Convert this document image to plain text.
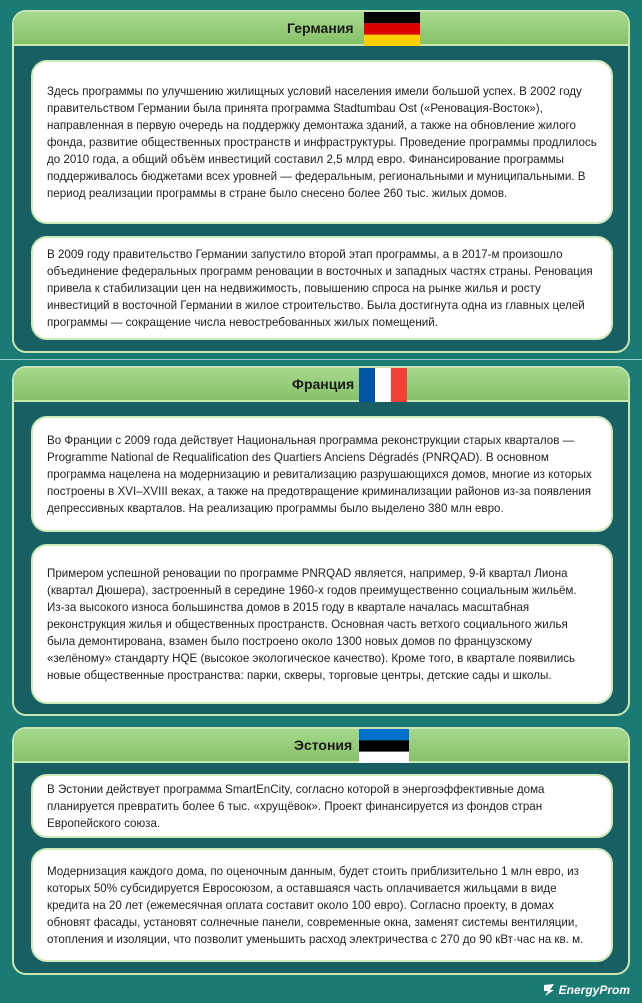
Германия

Здесь программы по улучшению жилищных условий населения имели большой успех. В 2002 году правительством Германии была принята программа Stadtumbau Ost («Реновация-Восток»), направленная в первую очередь на поддержку демонтажа зданий, а также на обновление жилого фонда, развитие общественных пространств и инфраструктуры. Проведение программы продлилось до 2010 года, а общий объём инвестиций составил 2,5 млрд евро. Финансирование программы поддерживалось бюджетами всех уровней — федеральным, региональными и муниципальными. В период реализации программы в стране было снесено более 260 тыс. жилых домов.

В 2009 году правительство Германии запустило второй этап программы, а в 2017-м произошло объединение федеральных программ реновации в восточных и западных частях страны. Реновация привела к стабилизации цен на недвижимость, повышению спроса на рынке жилья и росту инвестиций в восточной Германии в жилое строительство. Была достигнута одна из главных целей программы — сокращение числа невостребованных жилых помещений.

Франция

Во Франции с 2009 года действует Национальная программа реконструкции старых кварталов — Programme National de Requalification des Quartiers Anciens Dégradés (PNRQAD). В основном программа нацелена на модернизацию и ревитализацию разрушающихся домов, многие из которых построены в XVI–XVIII веках, а также на предотвращение криминализации районов из-за появления депрессивных кварталов. На реализацию программы было выделено 380 млн евро.

Примером успешной реновации по программе PNRQAD является, например, 9-й квартал Лиона (квартал Дюшера), застроенный в середине 1960-х годов преимущественно социальным жильём. Из-за высокого износа большинства домов в 2015 году в квартале началась масштабная реконструкция жилья и общественных пространств. Основная часть ветхого социального жилья была демонтирована, взамен было построено около 1300 новых домов по французскому «зелёному» стандарту HQE (высокое экологическое качество). Кроме того, в квартале появились новые общественные пространства: парки, скверы, торговые центры, детские сады и школы.

Эстония

В Эстонии действует программа SmartEnCity, согласно которой в энергоэффективные дома планируется превратить более 6 тыс. «хрущёвок». Проект финансируется из фондов стран Европейского союза.

Модернизация каждого дома, по оценочным данным, будет стоить приблизительно 1 млн евро, из которых 50% субсидируется Евросоюзом, а оставшаяся часть оплачивается жильцами в виде кредита на 20 лет (ежемесячная оплата составит около 100 евро). Согласно проекту, в домах обновят фасады, установят солнечные панели, современные окна, заменят системы вентиляции, отопления и изоляции, что позволит уменьшить расход электричества с 270 до 90 кВт·час на кв. м.

EnergyProm
